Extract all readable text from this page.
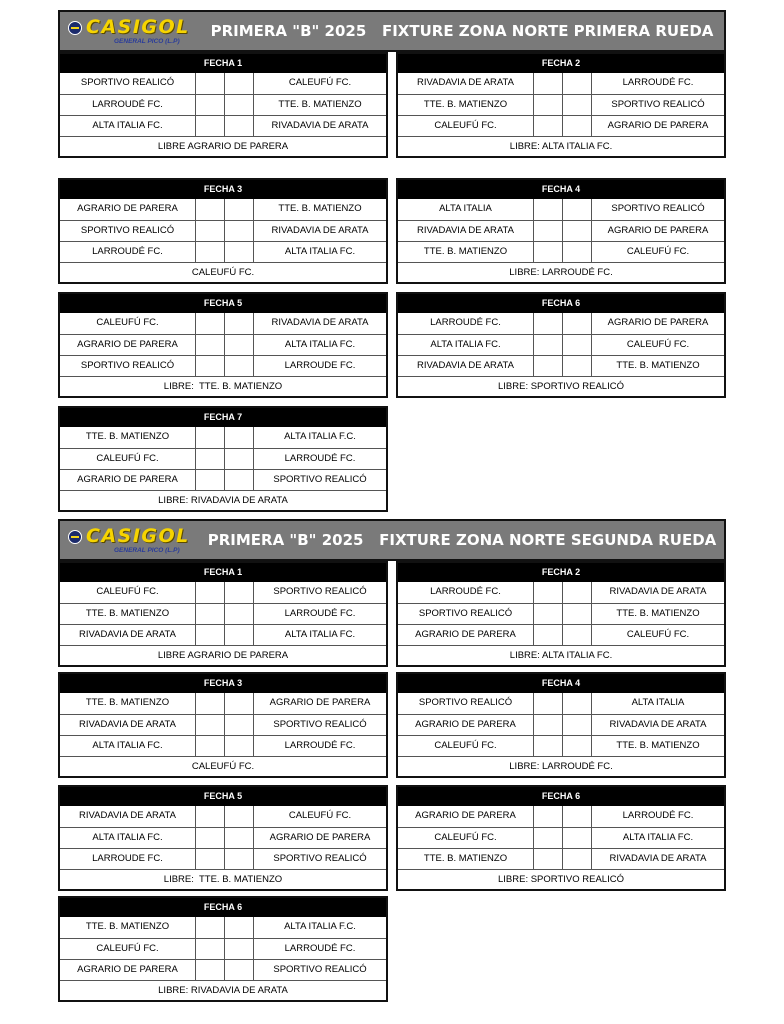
CASIGOL
GENERAL PICO (L.P)
PRIMERA "B" 2025   FIXTURE ZONA NORTE PRIMERA RUEDA
FECHA 1
SPORTIVO REALICÓ	CALEUFÚ FC.
LARROUDÉ FC.	TTE. B. MATIENZO
ALTA ITALIA FC.	RIVADAVIA DE ARATA
LIBRE AGRARIO DE PARERA
FECHA 2
RIVADAVIA DE ARATA	LARROUDÉ FC.
TTE. B. MATIENZO	SPORTIVO REALICÓ
CALEUFÚ FC.	AGRARIO DE PARERA
LIBRE: ALTA ITALIA FC.
FECHA 3
AGRARIO DE PARERA	TTE. B. MATIENZO
SPORTIVO REALICÓ	RIVADAVIA DE ARATA
LARROUDÉ FC.	ALTA ITALIA FC.
CALEUFÚ FC.
FECHA 4
ALTA ITALIA	SPORTIVO REALICÓ
RIVADAVIA DE ARATA	AGRARIO DE PARERA
TTE. B. MATIENZO	CALEUFÚ FC.
LIBRE: LARROUDÉ FC.
FECHA 5
CALEUFÚ FC.	RIVADAVIA DE ARATA
AGRARIO DE PARERA	ALTA ITALIA FC.
SPORTIVO REALICÓ	LARROUDE FC.
LIBRE:  TTE. B. MATIENZO
FECHA 6
LARROUDÉ FC.	AGRARIO DE PARERA
ALTA ITALIA FC.	CALEUFÚ FC.
RIVADAVIA DE ARATA	TTE. B. MATIENZO
LIBRE: SPORTIVO REALICÓ
FECHA 7
TTE. B. MATIENZO	ALTA ITALIA F.C.
CALEUFÚ FC.	LARROUDÉ FC.
AGRARIO DE PARERA	SPORTIVO REALICÓ
LIBRE: RIVADAVIA DE ARATA
CASIGOL
GENERAL PICO (L.P)
PRIMERA "B" 2025   FIXTURE ZONA NORTE SEGUNDA RUEDA
FECHA 1
CALEUFÚ FC.	SPORTIVO REALICÓ
TTE. B. MATIENZO	LARROUDÉ FC.
RIVADAVIA DE ARATA	ALTA ITALIA FC.
LIBRE AGRARIO DE PARERA
FECHA 2
LARROUDÉ FC.	RIVADAVIA DE ARATA
SPORTIVO REALICÓ	TTE. B. MATIENZO
AGRARIO DE PARERA	CALEUFÚ FC.
LIBRE: ALTA ITALIA FC.
FECHA 3
TTE. B. MATIENZO	AGRARIO DE PARERA
RIVADAVIA DE ARATA	SPORTIVO REALICÓ
ALTA ITALIA FC.	LARROUDÉ FC.
CALEUFÚ FC.
FECHA 4
SPORTIVO REALICÓ	ALTA ITALIA
AGRARIO DE PARERA	RIVADAVIA DE ARATA
CALEUFÚ FC.	TTE. B. MATIENZO
LIBRE: LARROUDÉ FC.
FECHA 5
RIVADAVIA DE ARATA	CALEUFÚ FC.
ALTA ITALIA FC.	AGRARIO DE PARERA
LARROUDE FC.	SPORTIVO REALICÓ
LIBRE:  TTE. B. MATIENZO
FECHA 6
AGRARIO DE PARERA	LARROUDÉ FC.
CALEUFÚ FC.	ALTA ITALIA FC.
TTE. B. MATIENZO	RIVADAVIA DE ARATA
LIBRE: SPORTIVO REALICÓ
FECHA 6
TTE. B. MATIENZO	ALTA ITALIA F.C.
CALEUFÚ FC.	LARROUDÉ FC.
AGRARIO DE PARERA	SPORTIVO REALICÓ
LIBRE: RIVADAVIA DE ARATA
